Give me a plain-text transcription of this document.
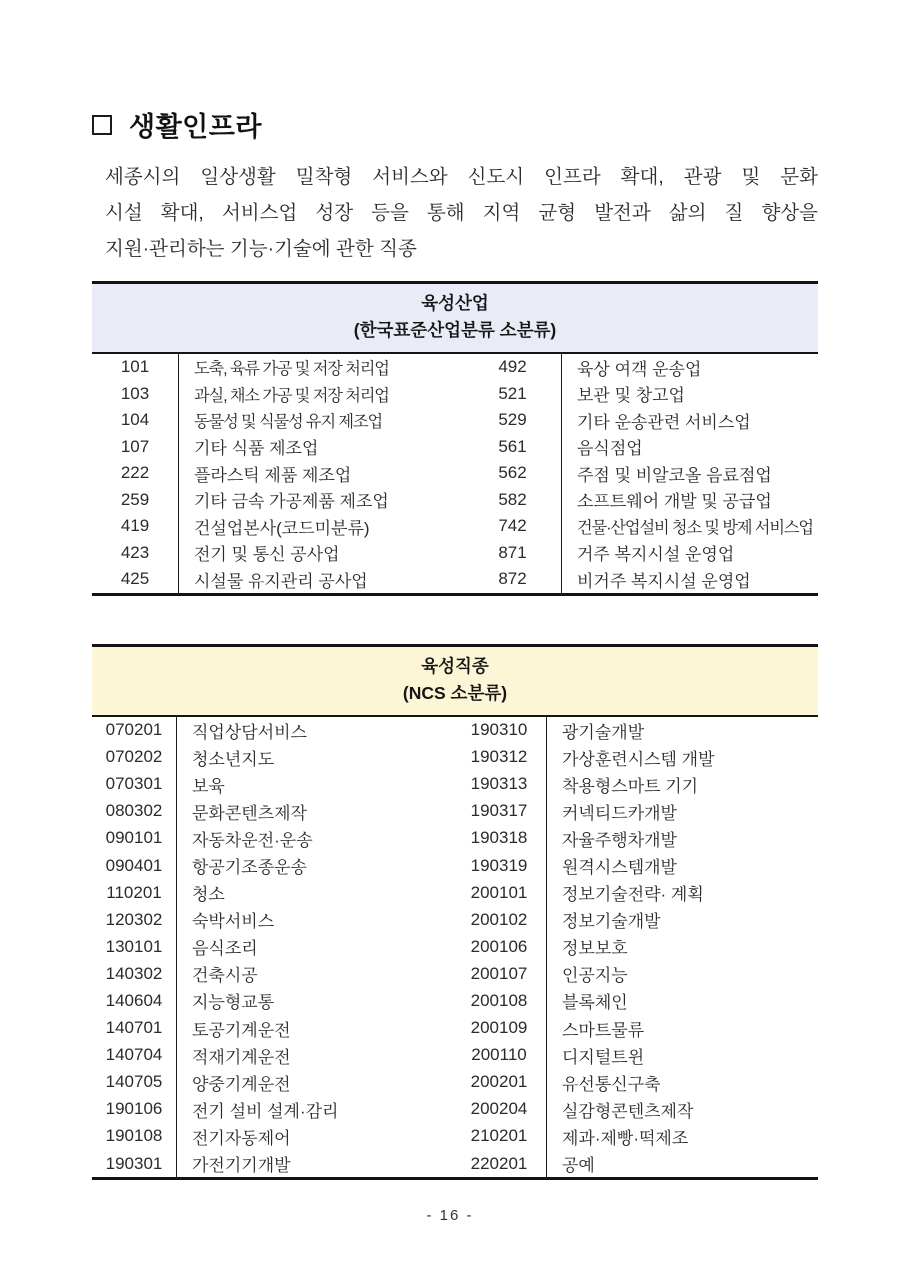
생활인프라
세종시의 일상생활 밀착형 서비스와 신도시 인프라 확대, 관광 및 문화
시설 확대, 서비스업 성장 등을 통해 지역 균형 발전과 삶의 질 향상을
지원·관리하는 기능·기술에 관한 직종
육성산업
(한국표준산업분류 소분류)
101	도축, 육류 가공 및 저장 처리업	492	육상 여객 운송업
103	과실, 채소 가공 및 저장 처리업	521	보관 및 창고업
104	동물성 및 식물성 유지 제조업	529	기타 운송관련 서비스업
107	기타 식품 제조업	561	음식점업
222	플라스틱 제품 제조업	562	주점 및 비알코올 음료점업
259	기타 금속 가공제품 제조업	582	소프트웨어 개발 및 공급업
419	건설업본사(코드미분류)	742	건물·산업설비 청소 및 방제 서비스업
423	전기 및 통신 공사업	871	거주 복지시설 운영업
425	시설물 유지관리 공사업	872	비거주 복지시설 운영업
육성직종
(NCS 소분류)
070201	직업상담서비스	190310	광기술개발
070202	청소년지도	190312	가상훈련시스템 개발
070301	보육	190313	착용형스마트 기기
080302	문화콘텐츠제작	190317	커넥티드카개발
090101	자동차운전·운송	190318	자율주행차개발
090401	항공기조종운송	190319	원격시스템개발
110201	청소	200101	정보기술전략· 계획
120302	숙박서비스	200102	정보기술개발
130101	음식조리	200106	정보보호
140302	건축시공	200107	인공지능
140604	지능형교통	200108	블록체인
140701	토공기계운전	200109	스마트물류
140704	적재기계운전	200110	디지털트윈
140705	양중기계운전	200201	유선통신구축
190106	전기 설비 설계·감리	200204	실감형콘텐츠제작
190108	전기자동제어	210201	제과·제빵·떡제조
190301	가전기기개발	220201	공예
- 16 -
